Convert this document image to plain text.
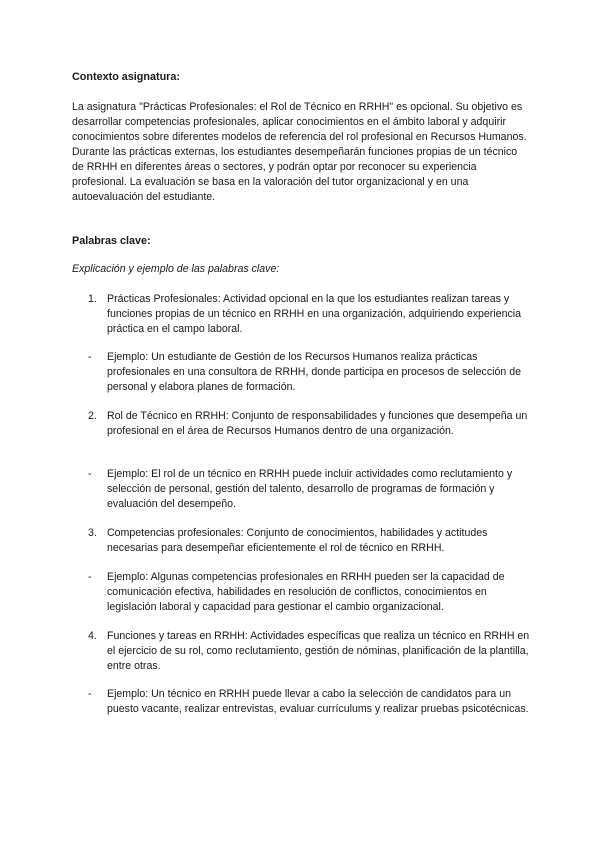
Contexto asignatura:

La asignatura "Prácticas Profesionales: el Rol de Técnico en RRHH" es opcional. Su objetivo es desarrollar competencias profesionales, aplicar conocimientos en el ámbito laboral y adquirir conocimientos sobre diferentes modelos de referencia del rol profesional en Recursos Humanos. Durante las prácticas externas, los estudiantes desempeñarán funciones propias de un técnico de RRHH en diferentes áreas o sectores, y podrán optar por reconocer su experiencia profesional. La evaluación se basa en la valoración del tutor organizacional y en una autoevaluación del estudiante.

Palabras clave:

Explicación y ejemplo de las palabras clave:

1. Prácticas Profesionales: Actividad opcional en la que los estudiantes realizan tareas y funciones propias de un técnico en RRHH en una organización, adquiriendo experiencia práctica en el campo laboral.
-	Ejemplo: Un estudiante de Gestión de los Recursos Humanos realiza prácticas profesionales en una consultora de RRHH, donde participa en procesos de selección de personal y elabora planes de formación.
2. Rol de Técnico en RRHH: Conjunto de responsabilidades y funciones que desempeña un profesional en el área de Recursos Humanos dentro de una organización.
-	Ejemplo: El rol de un técnico en RRHH puede incluir actividades como reclutamiento y selección de personal, gestión del talento, desarrollo de programas de formación y evaluación del desempeño.
3. Competencias profesionales: Conjunto de conocimientos, habilidades y actitudes necesarias para desempeñar eficientemente el rol de técnico en RRHH.
-	Ejemplo: Algunas competencias profesionales en RRHH pueden ser la capacidad de comunicación efectiva, habilidades en resolución de conflictos, conocimientos en legislación laboral y capacidad para gestionar el cambio organizacional.
4. Funciones y tareas en RRHH: Actividades específicas que realiza un técnico en RRHH en el ejercicio de su rol, como reclutamiento, gestión de nóminas, planificación de la plantilla, entre otras.
-	Ejemplo: Un técnico en RRHH puede llevar a cabo la selección de candidatos para un puesto vacante, realizar entrevistas, evaluar currículums y realizar pruebas psicotécnicas.
